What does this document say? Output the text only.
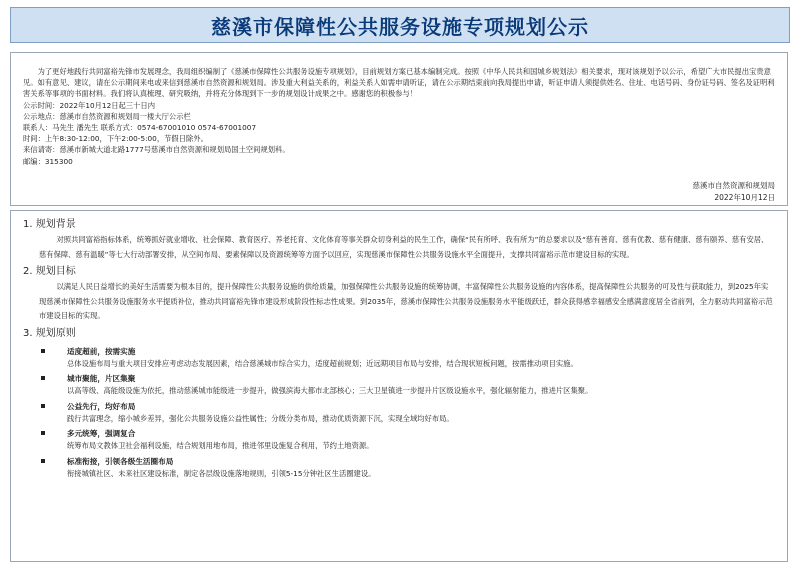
慈溪市保障性公共服务设施专项规划公示

为了更好地践行共同富裕先锋市发展理念，我局组织编制了《慈溪市保障性公共服务设施专项规划》，目前规划方案已基本编制完成。按照《中华人民共和国城乡规划法》相关要求，现对该规划予以公示，希望广大市民提出宝贵意见。如有意见、建议，请在公示期间来电或来信到慈溪市自然资源和规划局。涉及重大利益关系的，利益关系人如需申请听证，请在公示期结束前向我局提出申请，听证申请人须提供姓名、住址、电话号码、身份证号码、签名及证明利害关系等事项的书面材料。我们将认真梳理、研究吸纳，并将充分体现到下一步的规划设计成果之中。感谢您的积极参与！

公示时间：2022年10月12日起三十日内

公示地点：慈溪市自然资源和规划局一楼大厅公示栏

联系人：马先生 潘先生 联系方式：0574-67001010 0574-67001007

时间：上午8:30-12:00，下午2:00-5:00，节假日除外。

来信请寄：慈溪市新城大道北路1777号慈溪市自然资源和规划局国土空间规划科。

邮编：315300

慈溪市自然资源和规划局
2022年10月12日
1. 规划背景

对照共同富裕指标体系，统筹抓好就业增收、社会保障、教育医疗、养老托育、文化体育等事关群众切身利益的民生工作，确保“民有所呼、我有所为”的总要求以及“慈有善育、慈有优教、慈有健康、慈有颐养、慈有安居、慈有保障、慈有温暖”等七大行动部署安排，从空间布局、要素保障以及资源统筹等方面予以回应，实现慈溪市保障性公共服务设施水平全面提升，支撑共同富裕示范市建设目标的实现。

2. 规划目标

以满足人民日益增长的美好生活需要为根本目的，提升保障性公共服务设施的供给质量，加强保障性公共服务设施的统筹协调，丰富保障性公共服务设施的内容体系，提高保障性公共服务的可及性与获取能力，到2025年实现慈溪市保障性公共服务设施服务水平提质补位，推动共同富裕先锋市建设形成阶段性标志性成果。到2035年，慈溪市保障性公共服务设施服务水平能级跃迁，群众获得感幸福感安全感满意度居全省前列，全力驱动共同富裕示范市建设目标的实现。

3. 规划原则
适度超前，按需实施
总体设施布局与重大项目安排应考虑动态发展因素，结合慈溪城市综合实力，适度超前规划；近远期项目布局与安排，结合现状短板问题，按需推动项目实施。
城市聚能，片区集聚
以高等级、高能级设施为依托，推动慈溪城市能级进一步提升，做强滨海大都市北部核心；三大卫星镇进一步提升片区级设施水平，强化辐射能力，推进片区集聚。
公益先行，均好布局
践行共富理念，缩小城乡差异，强化公共服务设施公益性属性；分级分类布局，推动优质资源下沉，实现全域均好布局。
多元统筹，强调复合
统筹布局文教体卫社会福利设施，结合规划用地布局，推进邻里设施复合利用，节约土地资源。
标准衔接，引领各级生活圈布局
衔接城镇社区、未来社区建设标准，制定各层级设施落地规则，引领5-15分钟社区生活圈建设。
